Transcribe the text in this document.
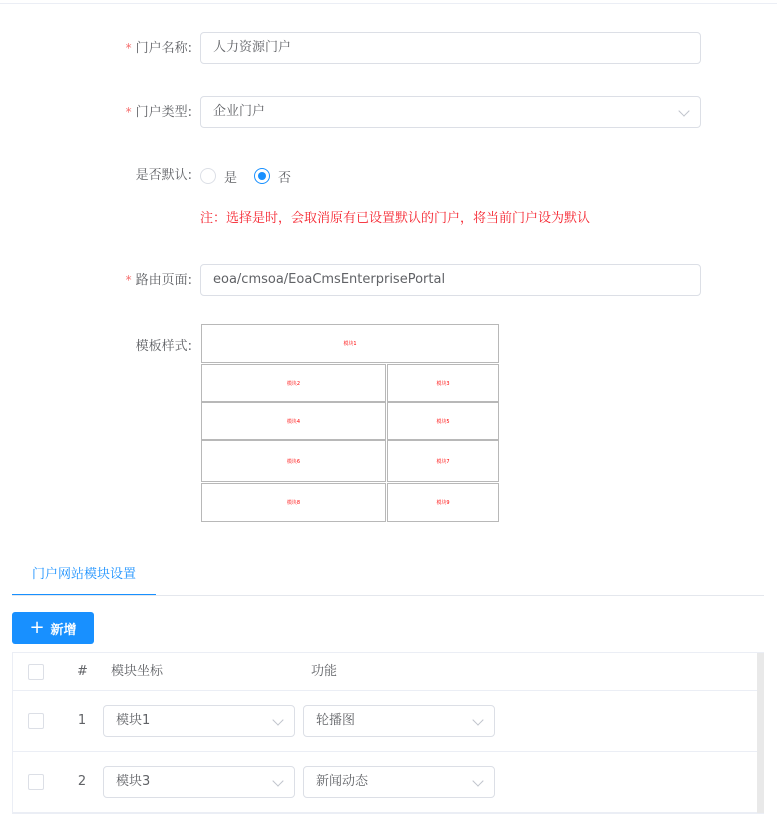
* 门户名称:	人力资源门户
* 门户类型:	企业门户
是否默认: 是	否
注：选择是时，会取消原有已设置默认的门户，将当前门户设为默认
* 路由页面:	eoa/cmsoa/EoaCmsEnterprisePortal
模板样式:	模块1
模块2	模块3
模块4	模块5
模块6	模块7
模块8	模块9
门户网站模块设置
+ 新增
# 模块坐标	功能
1	模块1	轮播图
2	模块3	新闻动态
